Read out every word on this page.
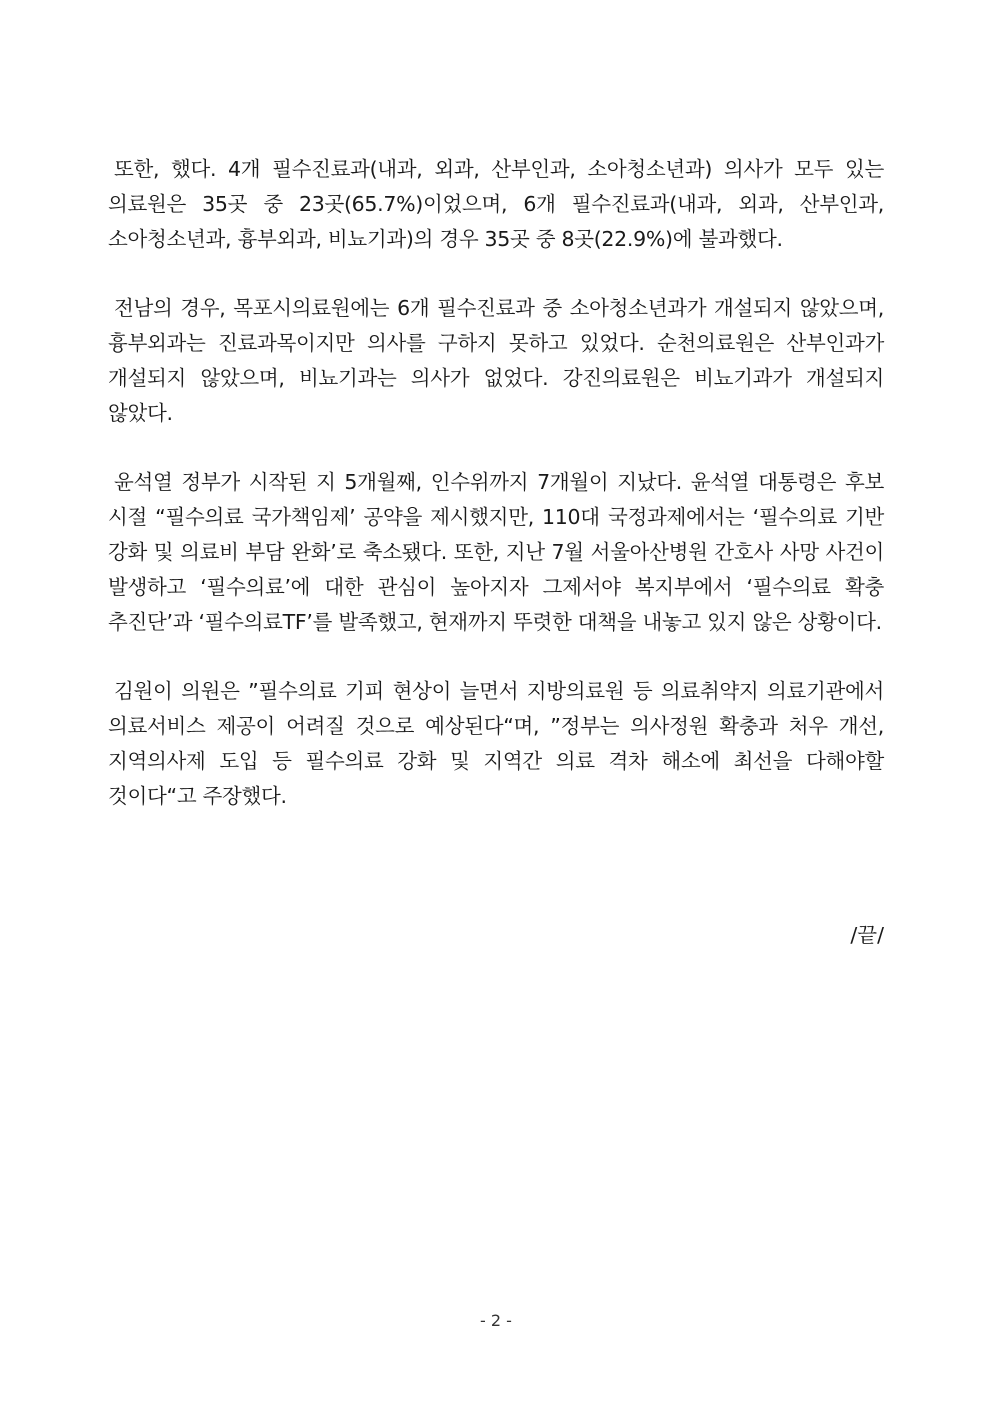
또한, 했다. 4개 필수진료과(내과, 외과, 산부인과, 소아청소년과) 의사가 모두 있는 의료원은 35곳 중 23곳(65.7%)이었으며, 6개 필수진료과(내과, 외과, 산부인과, 소아청소년과, 흉부외과, 비뇨기과)의 경우 35곳 중 8곳(22.9%)에 불과했다.

전남의 경우, 목포시의료원에는 6개 필수진료과 중 소아청소년과가 개설되지 않았으며, 흉부외과는 진료과목이지만 의사를 구하지 못하고 있었다. 순천의료원은 산부인과가 개설되지 않았으며, 비뇨기과는 의사가 없었다. 강진의료원은 비뇨기과가 개설되지 않았다.

윤석열 정부가 시작된 지 5개월째, 인수위까지 7개월이 지났다. 윤석열 대통령은 후보 시절 “필수의료 국가책임제’ 공약을 제시했지만, 110대 국정과제에서는 ‘필수의료 기반 강화 및 의료비 부담 완화’로 축소됐다. 또한, 지난 7월 서울아산병원 간호사 사망 사건이 발생하고 ‘필수의료’에 대한 관심이 높아지자 그제서야 복지부에서 ‘필수의료 확충 추진단’과 ‘필수의료TF’를 발족했고, 현재까지 뚜렷한 대책을 내놓고 있지 않은 상황이다.

김원이 의원은 ”필수의료 기피 현상이 늘면서 지방의료원 등 의료취약지 의료기관에서 의료서비스 제공이 어려질 것으로 예상된다“며, ”정부는 의사정원 확충과 처우 개선, 지역의사제 도입 등 필수의료 강화 및 지역간 의료 격차 해소에 최선을 다해야할 것이다“고 주장했다.

/끝/
- 2 -
